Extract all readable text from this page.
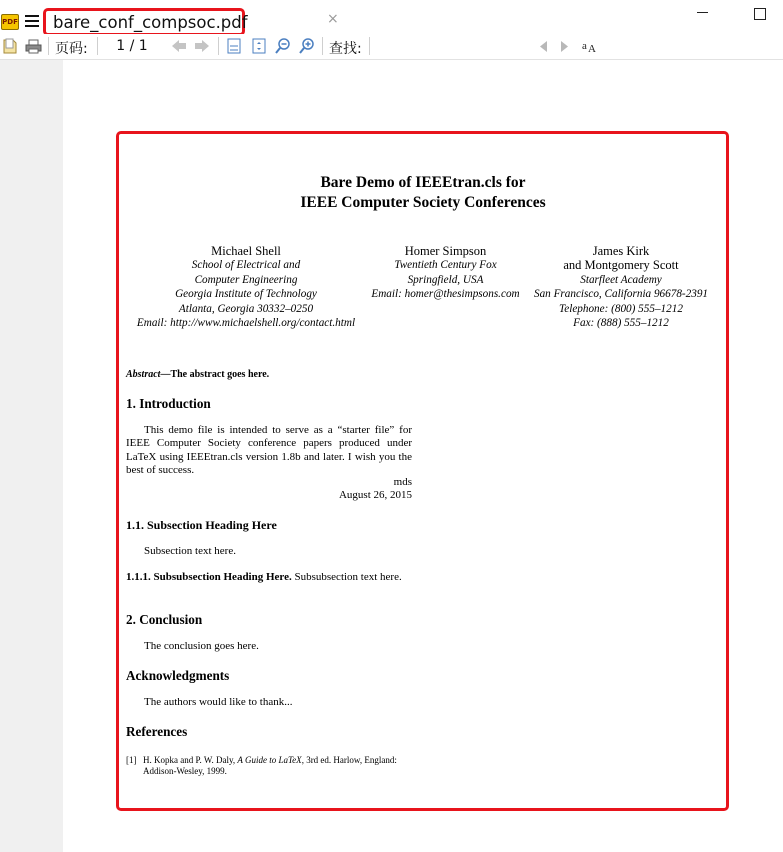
PDF bare_conf_compsoc.pdf	×
页码:
1 / 1	查找:	a A
Bare Demo of IEEEtran.cls for
IEEE Computer Society Conferences
Michael Shell
School of Electrical and
Computer Engineering
Georgia Institute of Technology
Atlanta, Georgia 30332–0250
Email: http://www.michaelshell.org/contact.html
Homer Simpson
Twentieth Century Fox
Springfield, USA
Email: homer@thesimpsons.com
James Kirk
and Montgomery Scott
Starfleet Academy
San Francisco, California 96678-2391
Telephone: (800) 555–1212
Fax: (888) 555–1212
Abstract—The abstract goes here.
1. Introduction
This demo file is intended to serve as a “starter file” for IEEE Computer Society conference papers produced under LaTeX using IEEEtran.cls version 1.8b and later. I wish you the best of success.
mds
August 26, 2015
1.1. Subsection Heading Here
Subsection text here.
1.1.1. Subsubsection Heading Here. Subsubsection text here.
2. Conclusion
The conclusion goes here.
Acknowledgments
The authors would like to thank...
References
[1] H. Kopka and P. W. Daly, A Guide to LaTeX, 3rd ed. Harlow, England: Addison-Wesley, 1999.
